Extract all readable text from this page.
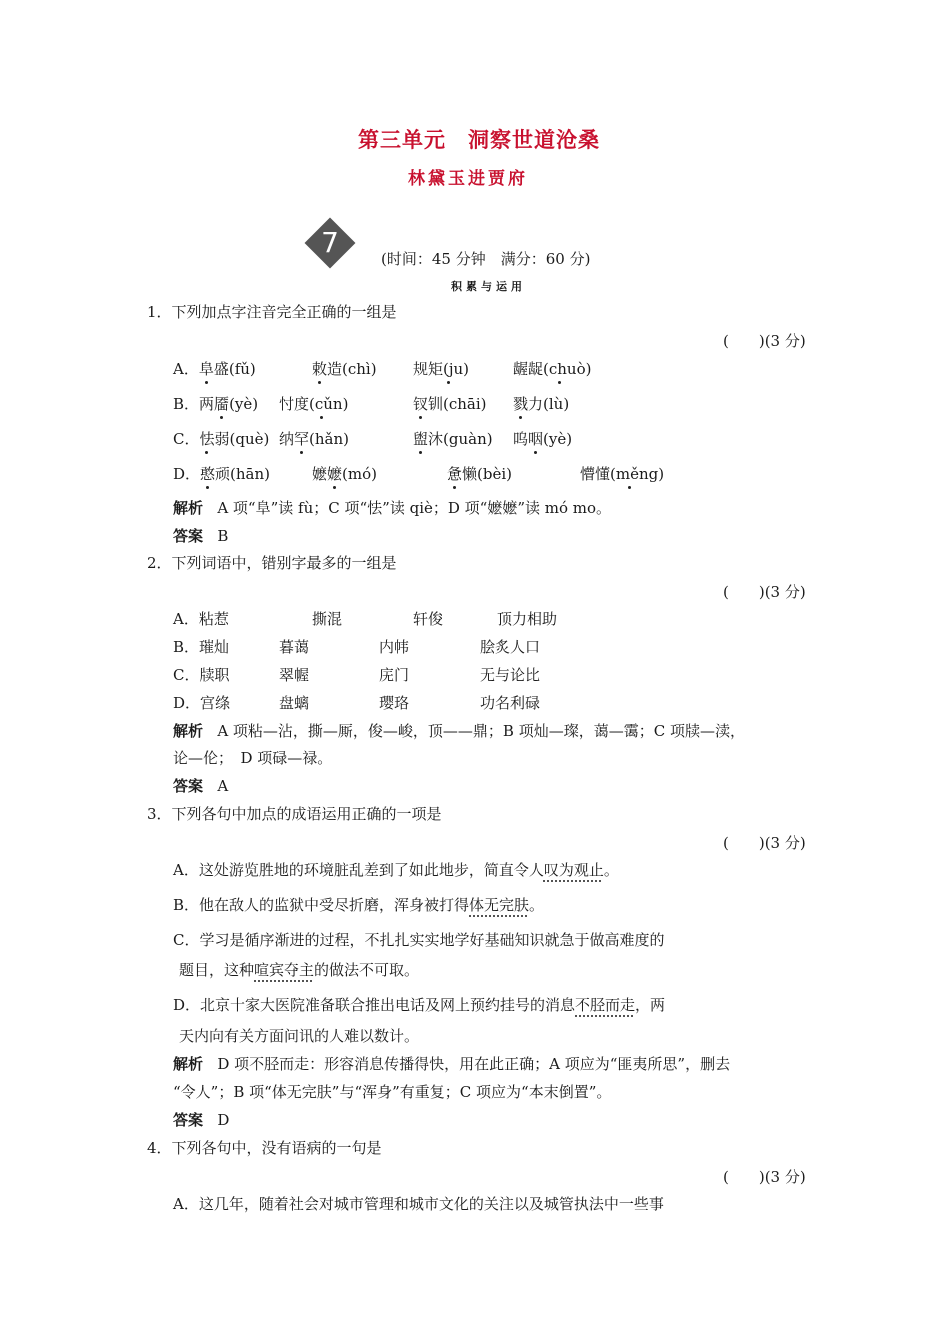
第三单元　洞察世道沧桑
林黛玉进贾府
7	(时间：45 分钟　满分：60 分)
积累与运用
1．下列加点字注音完全正确的一组是
(　　)(3 分)
A．阜盛(fǔ)	敕造(chì) 规矩(ju)	龌龊(chuò)
B．两靥(yè) 忖度(cǔn)	钗钏(chāi) 戮力(lù)
C．怯弱(què) 纳罕(hǎn)	盥沐(guàn) 呜咽(yè)
D．憨顽(hān)	嬷嬷(mó)	惫懒(bèi)	懵懂(měng)
解析 A 项“阜”读 fù；C 项“怯”读 qiè；D 项“嬷嬷”读 mó mo。
答案 B
2．下列词语中，错别字最多的一组是
(　　)(3 分)
A．粘惹	撕混	轩俊	顶力相助
B．璀灿	暮蔼	内帏	脍炙人口
C．牍职	翠幄	庑门	无与论比
D．宫绦	盘螭	璎珞	功名利碌
解析 A 项粘—沾，撕—厮，俊—峻，顶——鼎；B 项灿—璨，蔼—霭；C 项牍—渎，
论—伦；　D 项碌—禄。
答案 A
3．下列各句中加点的成语运用正确的一项是
(　　)(3 分)
A．这处游览胜地的环境脏乱差到了如此地步，简直令人叹为观止。
B．他在敌人的监狱中受尽折磨，浑身被打得体无完肤。
C．学习是循序渐进的过程，不扎扎实实地学好基础知识就急于做高难度的
题目，这种喧宾夺主的做法不可取。
D．北京十家大医院准备联合推出电话及网上预约挂号的消息不胫而走，两
天内向有关方面问讯的人难以数计。
解析 D 项不胫而走：形容消息传播得快，用在此正确；A 项应为“匪夷所思”，删去
“令人”；B 项“体无完肤”与“浑身”有重复；C 项应为“本末倒置”。
答案 D
4．下列各句中，没有语病的一句是
(　　)(3 分)
A．这几年，随着社会对城市管理和城市文化的关注以及城管执法中一些事
